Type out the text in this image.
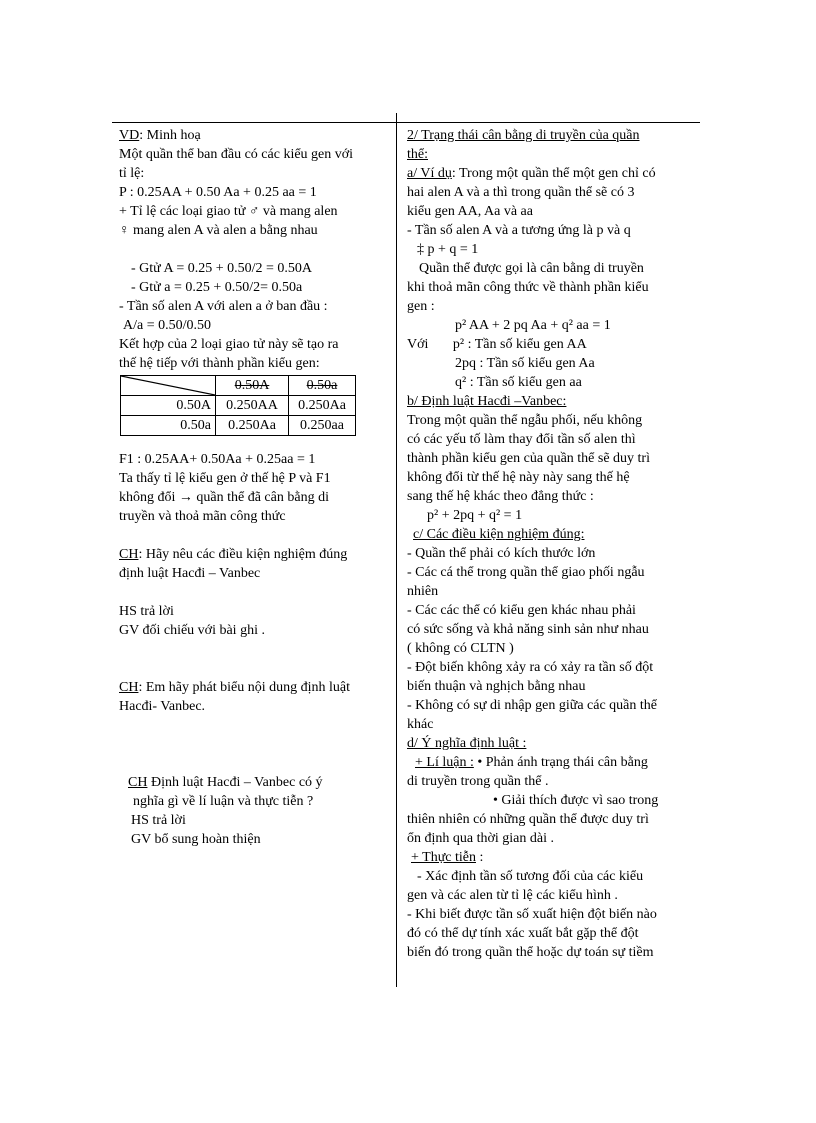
VD: Minh hoạ
Một quần thể ban đầu có các kiểu gen với
tỉ lệ:
P : 0.25AA + 0.50 Aa + 0.25 aa = 1
+ Tỉ lệ các loại giao tử ♂ và mang alen
♀ mang alen A và alen a bằng nhau
- Gtử A = 0.25 + 0.50/2 = 0.50A
- Gtử a = 0.25 + 0.50/2= 0.50a
- Tần số alen A với alen a ở ban đầu :
A/a = 0.50/0.50
Kết hợp của 2 loại giao tử này sẽ tạo ra
thế hệ tiếp với thành phần kiểu gen:
	0.50A	0.50a
0.50A	0.250AA	0.250Aa
0.50a	0.250Aa	0.250aa
F1 : 0.25AA+ 0.50Aa + 0.25aa = 1
Ta thấy tỉ lệ kiểu gen ở thế hệ P và F1
không đổi → quần thể đã cân bằng di
truyền và thoả mãn công thức
CH: Hãy nêu các điều kiện nghiệm đúng
định luật Hacđi – Vanbec
HS trả lời
GV đối chiếu với bài ghi .
CH: Em hãy phát biểu nội dung định luật
Hacđi- Vanbec.
CH Định luật Hacđi – Vanbec có ý
nghĩa gì về lí luận và thực tiễn ?
HS trả lời
GV bổ sung hoàn thiện
2/ Trạng thái cân bằng di truyền của quần
thể:
a/ Ví dụ: Trong một quần thể một gen chỉ có
hai alen A và a thì trong quần thể sẽ có 3
kiểu gen AA, Aa và aa
- Tần số alen A và a tương ứng là p và q
‡ p + q = 1
Quần thể được gọi là cân bằng di truyền
khi thoả mãn công thức về thành phần kiểu
gen :
p² AA + 2 pq Aa + q² aa = 1
Với       p² : Tần số kiểu gen AA
2pq : Tần số kiểu gen Aa
q² : Tần số kiểu gen aa
b/ Định luật Hacđi –Vanbec:
Trong một quần thể ngẫu phối, nếu không
có các yếu tố làm thay đổi tần số alen thì
thành phần kiểu gen của quần thể sẽ duy trì
không đổi từ thế hệ này này sang thế hệ
sang thế hệ khác theo đẳng thức :
p² + 2pq + q² = 1
c/ Các điều kiện nghiệm đúng:
- Quần thể phải có kích thước lớn
- Các cá thể trong quần thể giao phối ngẫu
nhiên
- Các các thể có kiểu gen khác nhau phải
có sức sống và khả năng sinh sản như nhau
( không có CLTN )
- Đột biến không xảy ra có xảy ra tần số đột
biến thuận và nghịch bằng nhau
- Không có sự di nhập gen giữa các quần thể
khác
d/ Ý nghĩa định luật :
+ Lí luận : • Phản ánh trạng thái cân bằng
di truyền trong quần thể .
• Giải thích được vì sao trong
thiên nhiên có những quần thể được duy trì
ổn định qua thời gian dài .
+ Thực tiễn :
- Xác định tần số tương đối của các kiểu
gen và các alen từ tỉ lệ các kiểu hình .
- Khi biết được tần số xuất hiện đột biến nào
đó có thể dự tính xác xuất bắt gặp thể đột
biến đó trong quần thể hoặc dự toán sự tiềm
